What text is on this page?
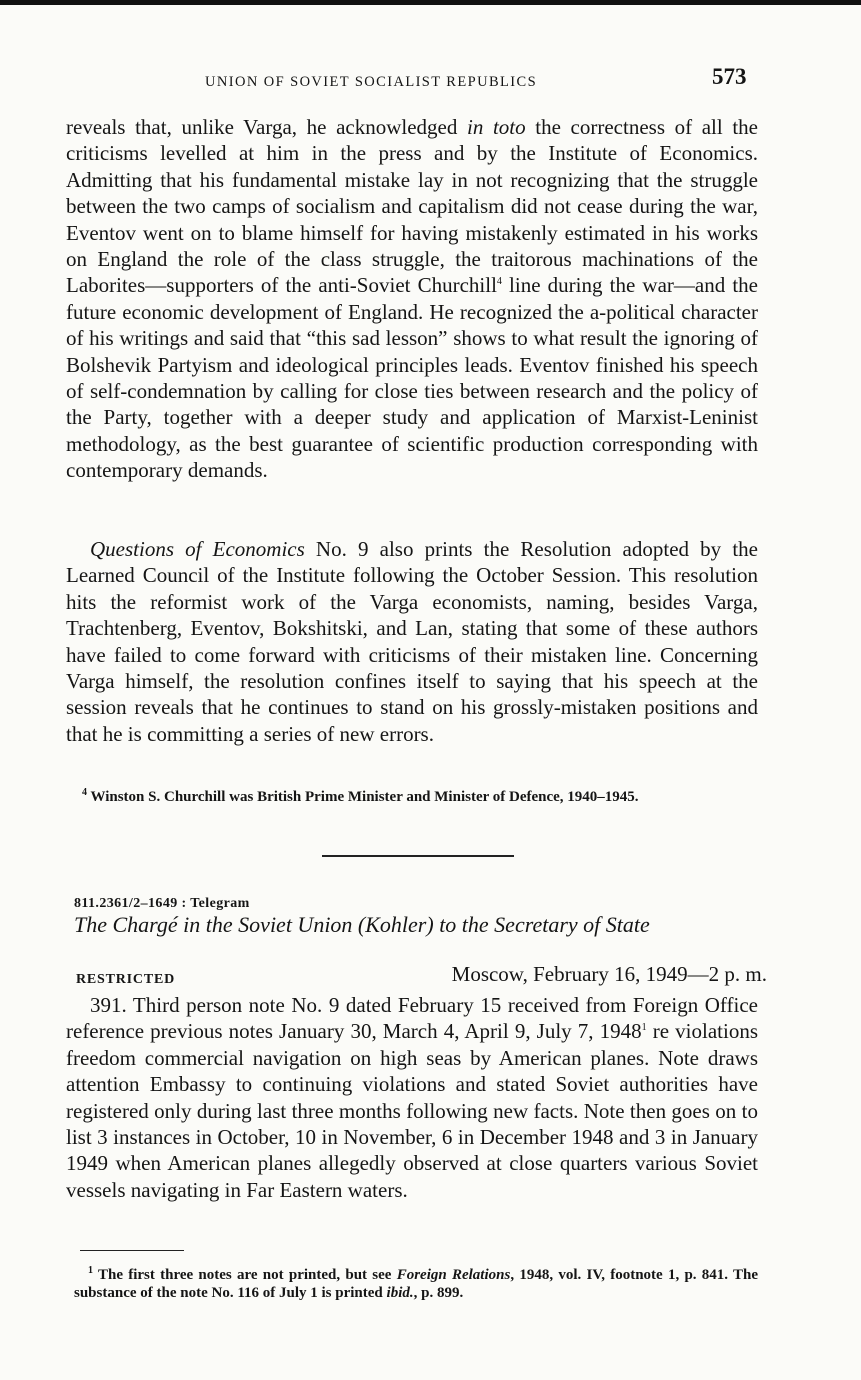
UNION OF SOVIET SOCIALIST REPUBLICS	573

reveals that, unlike Varga, he acknowledged in toto the correctness of all the criticisms levelled at him in the press and by the Institute of Economics. Admitting that his fundamental mistake lay in not recognizing that the struggle between the two camps of socialism and capitalism did not cease during the war, Eventov went on to blame himself for having mistakenly estimated in his works on England the role of the class struggle, the traitorous machinations of the Laborites—supporters of the anti-Soviet Churchill$^4$ line during the war—and the future economic development of England. He recognized the a-political character of his writings and said that “this sad lesson” shows to what result the ignoring of Bolshevik Partyism and ideological principles leads. Eventov finished his speech of self-condemnation by calling for close ties between research and the policy of the Party, together with a deeper study and application of Marxist-Leninist methodology, as the best guarantee of scientific production corresponding with contemporary demands.

Questions of Economics No. 9 also prints the Resolution adopted by the Learned Council of the Institute following the October Session. This resolution hits the reformist work of the Varga economists, naming, besides Varga, Trachtenberg, Eventov, Bokshitski, and Lan, stating that some of these authors have failed to come forward with criticisms of their mistaken line. Concerning Varga himself, the resolution confines itself to saying that his speech at the session reveals that he continues to stand on his grossly-mistaken positions and that he is committing a series of new errors.

$^4$ Winston S. Churchill was British Prime Minister and Minister of Defence, 1940–1945.

811.2361/2–1649 : Telegram
The Chargé in the Soviet Union (Kohler) to the Secretary of State
RESTRICTED	Moscow, February 16, 1949—2 p. m.

391. Third person note No. 9 dated February 15 received from Foreign Office reference previous notes January 30, March 4, April 9, July 7, 1948$^1$ re violations freedom commercial navigation on high seas by American planes. Note draws attention Embassy to continuing violations and stated Soviet authorities have registered only during last three months following new facts. Note then goes on to list 3 instances in October, 10 in November, 6 in December 1948 and 3 in January 1949 when American planes allegedly observed at close quarters various Soviet vessels navigating in Far Eastern waters.

$^1$ The first three notes are not printed, but see Foreign Relations, 1948, vol. IV, footnote 1, p. 841. The substance of the note No. 116 of July 1 is printed ibid., p. 899.
